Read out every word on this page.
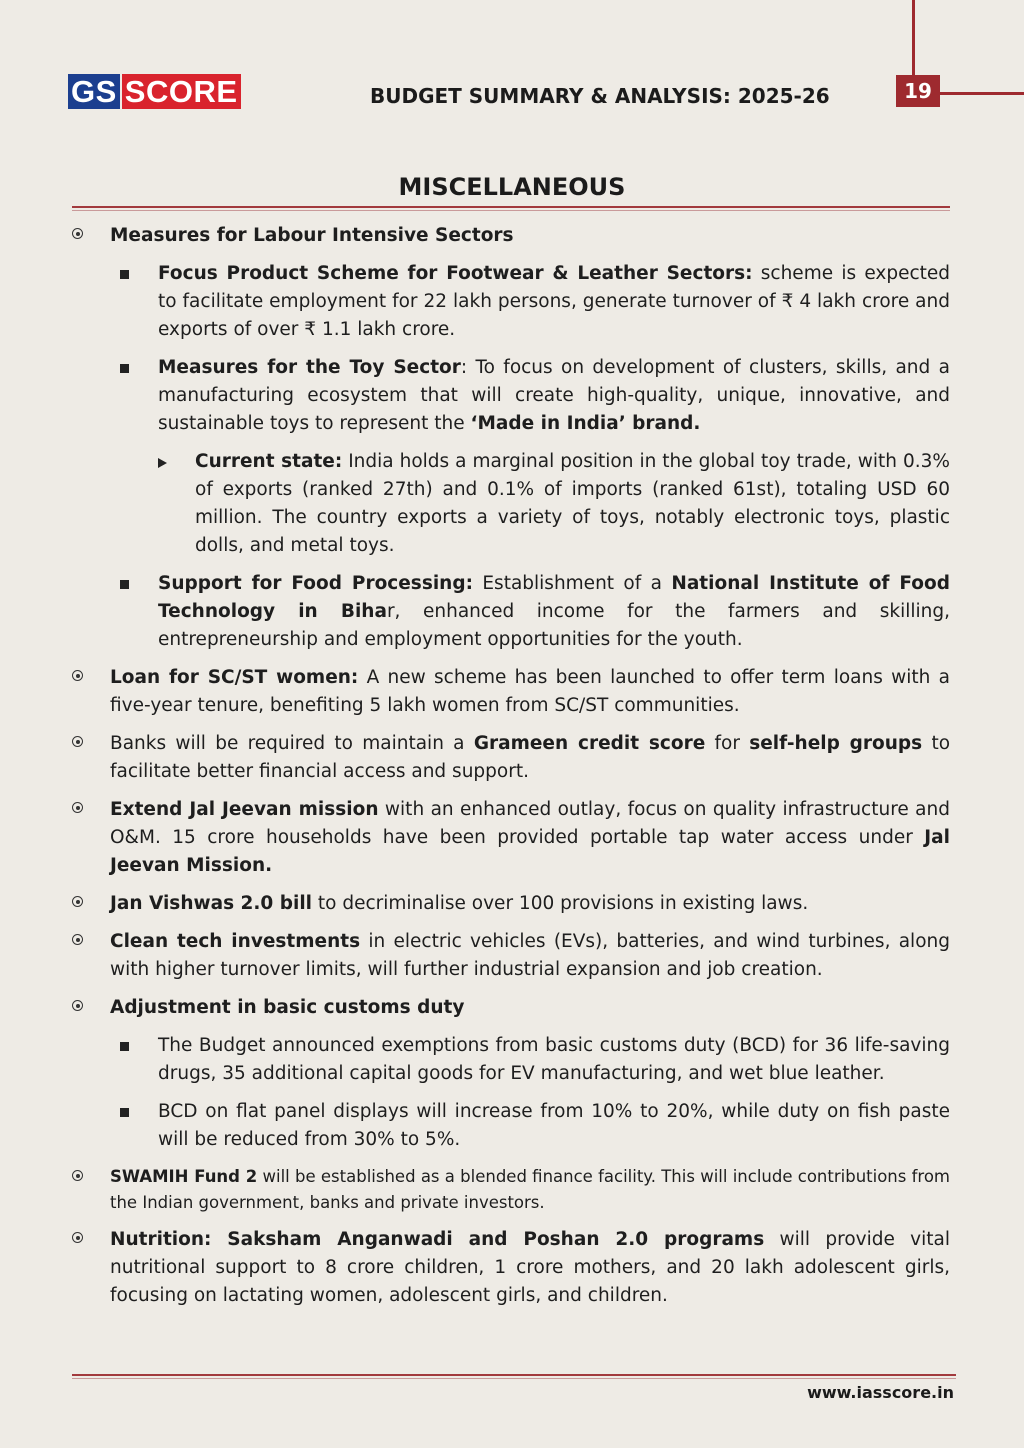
19
GS SCORE	BUDGET SUMMARY & ANALYSIS: 2025-26
MISCELLANEOUS
Measures for Labour Intensive Sectors
Focus Product Scheme for Footwear & Leather Sectors: scheme is expected to facilitate employment for 22 lakh persons, generate turnover of ₹ 4 lakh crore and exports of over ₹ 1.1 lakh crore.
Measures for the Toy Sector: To focus on development of clusters, skills, and a manufacturing ecosystem that will create high-quality, unique, innovative, and sustainable toys to represent the ‘Made in India’ brand.
Current state: India holds a marginal position in the global toy trade, with 0.3% of exports (ranked 27th) and 0.1% of imports (ranked 61st), totaling USD 60 million. The country exports a variety of toys, notably electronic toys, plastic dolls, and metal toys.
Support for Food Processing: Establishment of a National Institute of Food Technology in Bihar, enhanced income for the farmers and skilling, entrepreneurship and employment opportunities for the youth.
Loan for SC/ST women: A new scheme has been launched to offer term loans with a five-year tenure, benefiting 5 lakh women from SC/ST communities.
Banks will be required to maintain a Grameen credit score for self-help groups to facilitate better financial access and support.
Extend Jal Jeevan mission with an enhanced outlay, focus on quality infrastructure and O&M. 15 crore households have been provided portable tap water access under Jal Jeevan Mission.
Jan Vishwas 2.0 bill to decriminalise over 100 provisions in existing laws.
Clean tech investments in electric vehicles (EVs), batteries, and wind turbines, along with higher turnover limits, will further industrial expansion and job creation.
Adjustment in basic customs duty
The Budget announced exemptions from basic customs duty (BCD) for 36 life-saving drugs, 35 additional capital goods for EV manufacturing, and wet blue leather.
BCD on flat panel displays will increase from 10% to 20%, while duty on fish paste will be reduced from 30% to 5%.
SWAMIH Fund 2 will be established as a blended finance facility. This will include contributions from the Indian government, banks and private investors.
Nutrition: Saksham Anganwadi and Poshan 2.0 programs will provide vital nutritional support to 8 crore children, 1 crore mothers, and 20 lakh adolescent girls, focusing on lactating women, adolescent girls, and children.
www.iasscore.in
